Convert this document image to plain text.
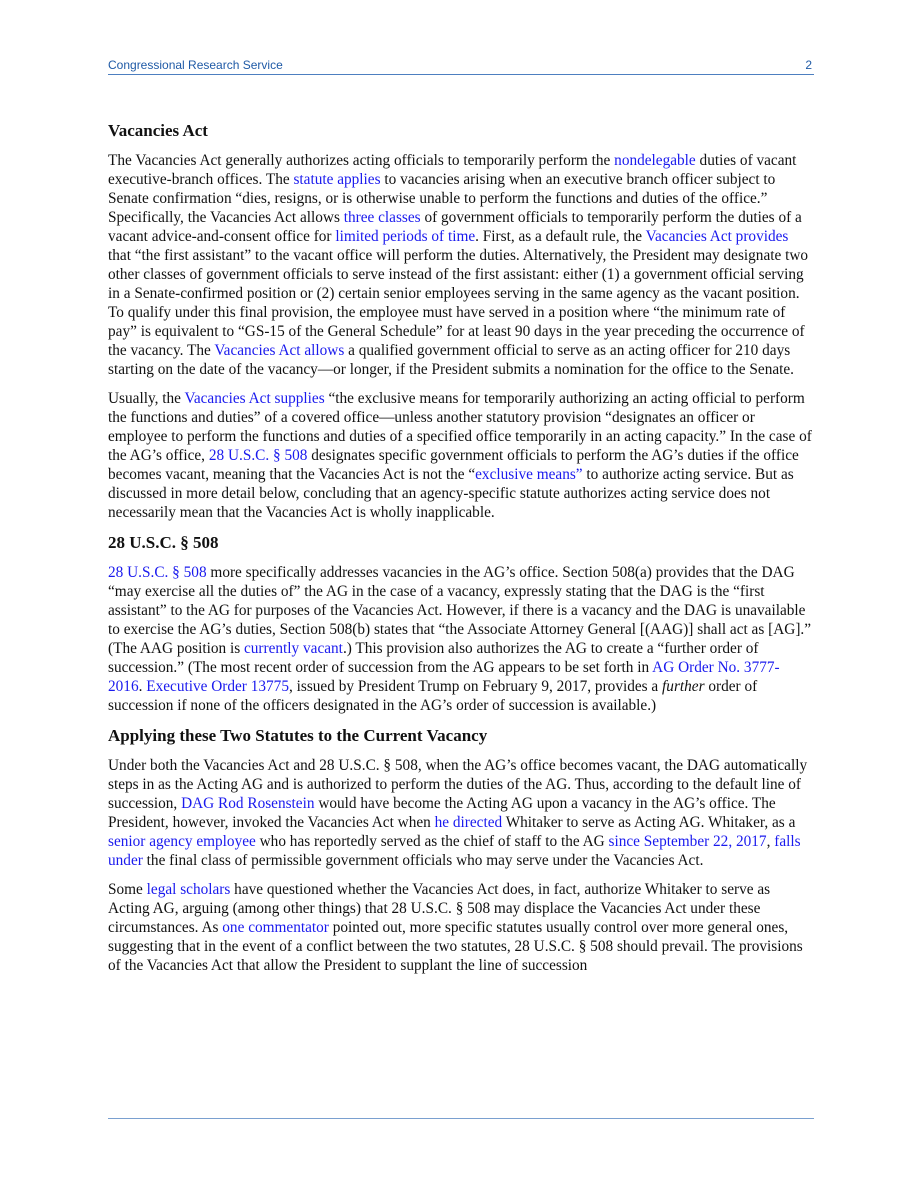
Congressional Research Service	2
Vacancies Act

The Vacancies Act generally authorizes acting officials to temporarily perform the nondelegable duties of vacant executive-branch offices. The statute applies to vacancies arising when an executive branch officer subject to Senate confirmation “dies, resigns, or is otherwise unable to perform the functions and duties of the office.” Specifically, the Vacancies Act allows three classes of government officials to temporarily perform the duties of a vacant advice-and-consent office for limited periods of time. First, as a default rule, the Vacancies Act provides that “the first assistant” to the vacant office will perform the duties. Alternatively, the President may designate two other classes of government officials to serve instead of the first assistant: either (1) a government official serving in a Senate-confirmed position or (2) certain senior employees serving in the same agency as the vacant position. To qualify under this final provision, the employee must have served in a position where “the minimum rate of pay” is equivalent to “GS-15 of the General Schedule” for at least 90 days in the year preceding the occurrence of the vacancy. The Vacancies Act allows a qualified government official to serve as an acting officer for 210 days starting on the date of the vacancy—or longer, if the President submits a nomination for the office to the Senate.

Usually, the Vacancies Act supplies “the exclusive means for temporarily authorizing an acting official to perform the functions and duties” of a covered office—unless another statutory provision “designates an officer or employee to perform the functions and duties of a specified office temporarily in an acting capacity.” In the case of the AG’s office, 28 U.S.C. § 508 designates specific government officials to perform the AG’s duties if the office becomes vacant, meaning that the Vacancies Act is not the “exclusive means” to authorize acting service. But as discussed in more detail below, concluding that an agency-specific statute authorizes acting service does not necessarily mean that the Vacancies Act is wholly inapplicable.

28 U.S.C. § 508

28 U.S.C. § 508 more specifically addresses vacancies in the AG’s office. Section 508(a) provides that the DAG “may exercise all the duties of” the AG in the case of a vacancy, expressly stating that the DAG is the “first assistant” to the AG for purposes of the Vacancies Act. However, if there is a vacancy and the DAG is unavailable to exercise the AG’s duties, Section 508(b) states that “the Associate Attorney General [(AAG)] shall act as [AG].” (The AAG position is currently vacant.) This provision also authorizes the AG to create a “further order of succession.” (The most recent order of succession from the AG appears to be set forth in AG Order No. 3777-2016. Executive Order 13775, issued by President Trump on February 9, 2017, provides a further order of succession if none of the officers designated in the AG’s order of succession is available.)

Applying these Two Statutes to the Current Vacancy

Under both the Vacancies Act and 28 U.S.C. § 508, when the AG’s office becomes vacant, the DAG automatically steps in as the Acting AG and is authorized to perform the duties of the AG. Thus, according to the default line of succession, DAG Rod Rosenstein would have become the Acting AG upon a vacancy in the AG’s office. The President, however, invoked the Vacancies Act when he directed Whitaker to serve as Acting AG. Whitaker, as a senior agency employee who has reportedly served as the chief of staff to the AG since September 22, 2017, falls under the final class of permissible government officials who may serve under the Vacancies Act.

Some legal scholars have questioned whether the Vacancies Act does, in fact, authorize Whitaker to serve as Acting AG, arguing (among other things) that 28 U.S.C. § 508 may displace the Vacancies Act under these circumstances. As one commentator pointed out, more specific statutes usually control over more general ones, suggesting that in the event of a conflict between the two statutes, 28 U.S.C. § 508 should prevail. The provisions of the Vacancies Act that allow the President to supplant the line of succession
